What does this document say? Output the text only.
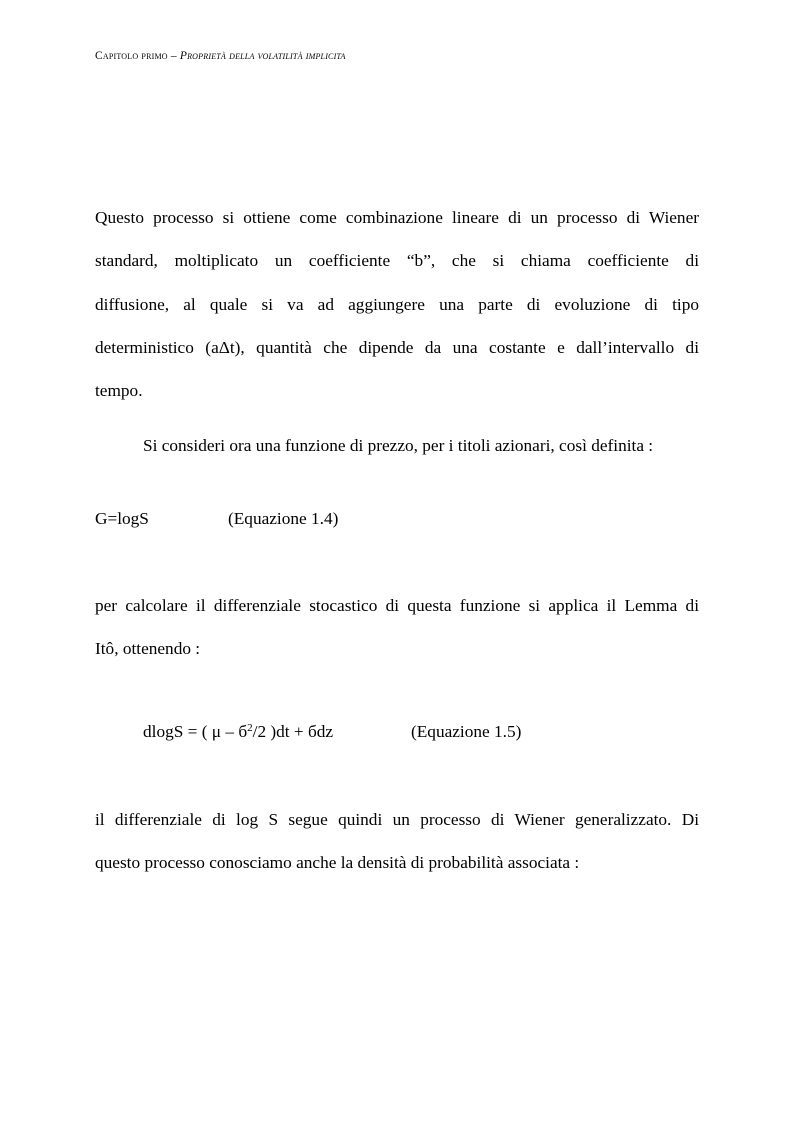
Capitolo primo – Proprietà della volatilità implicita
Questo processo si ottiene come combinazione lineare di un processo di Wiener
standard, moltiplicato un coefficiente “b”, che si chiama coefficiente di
diffusione, al quale si va ad aggiungere una parte di evoluzione di tipo
deterministico (aΔt), quantità che dipende da una costante e dall’intervallo di
tempo.
Si consideri ora una funzione di prezzo, per i titoli azionari, così definita :
G=logS	(Equazione 1.4)
per calcolare il differenziale stocastico di questa funzione si applica il Lemma di
Itô, ottenendo :
dlogS = ( μ – $б^2/2$ )dt + бdz	(Equazione 1.5)
il differenziale di log S segue quindi un processo di Wiener generalizzato. Di
questo processo conosciamo anche la densità di probabilità associata :
